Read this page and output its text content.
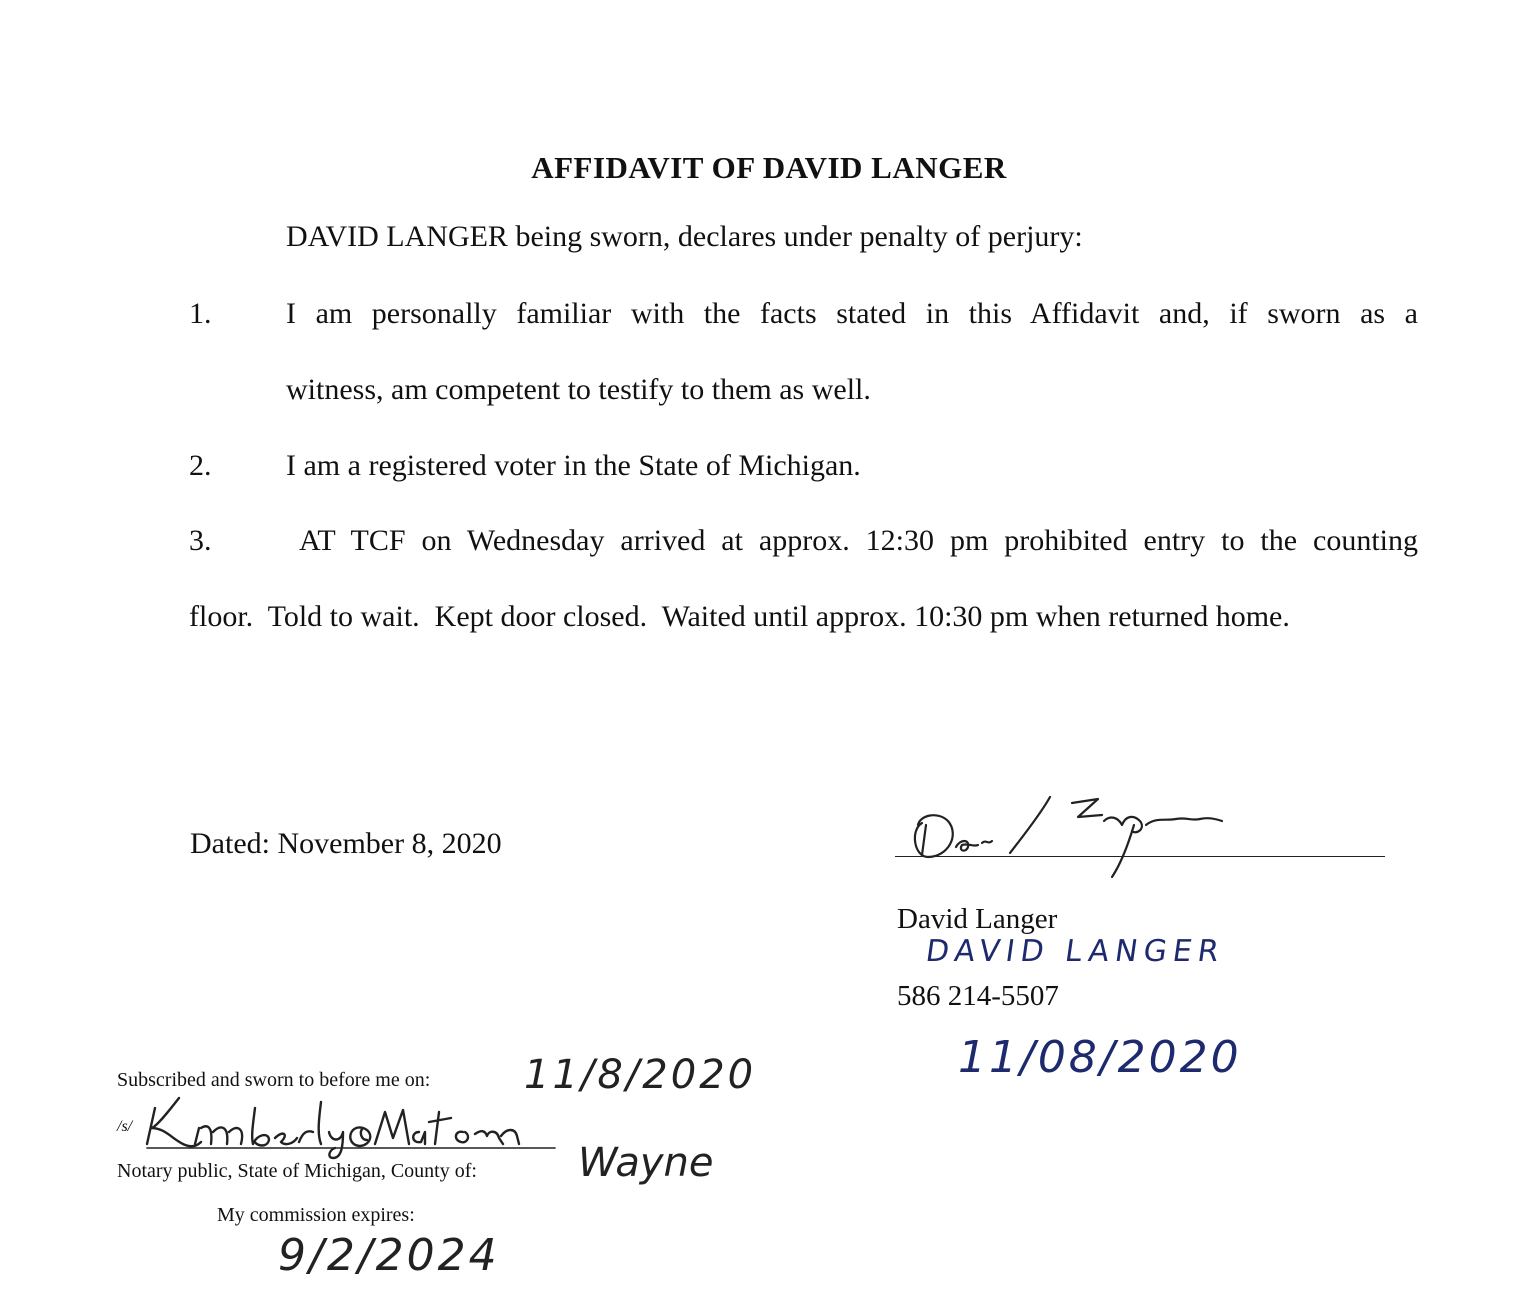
AFFIDAVIT OF DAVID LANGER
DAVID LANGER being sworn, declares under penalty of perjury:
1. I am personally familiar with the facts stated in this Affidavit and, if sworn as a
witness, am competent to testify to them as well.
2. I am a registered voter in the State of Michigan.
3.	AT TCF on Wednesday arrived at approx. 12:30 pm prohibited entry to the counting
floor.  Told to wait.  Kept door closed.  Waited until approx. 10:30 pm when returned home.
Dated: November 8, 2020
David Langer
DAVID LANGER
586 214-5507
11/08/2020
Subscribed and sworn to before me on: 11/8/2020
/s/
Notary public, State of Michigan, County of:	Wayne
My commission expires:
9/2/2024
